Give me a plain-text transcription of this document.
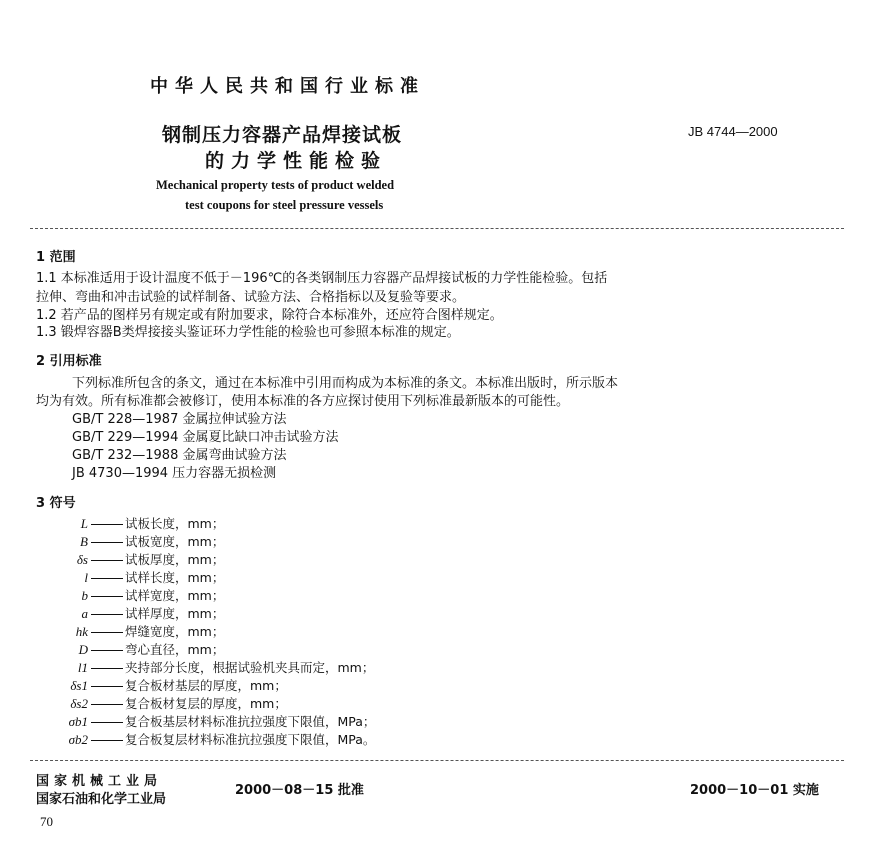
中华人民共和国行业标准
钢制压力容器产品焊接试板
的力学性能检验
JB 4744—2000
Mechanical property tests of product welded
test coupons for steel pressure vessels
1 范围
1.1 本标准适用于设计温度不低于－196℃的各类钢制压力容器产品焊接试板的力学性能检验。包括
拉伸、弯曲和冲击试验的试样制备、试验方法、合格指标以及复验等要求。
1.2 若产品的图样另有规定或有附加要求，除符合本标准外，还应符合图样规定。
1.3 锻焊容器B类焊接接头鉴证环力学性能的检验也可参照本标准的规定。
2 引用标准
下列标准所包含的条文，通过在本标准中引用而构成为本标准的条文。本标准出版时，所示版本
均为有效。所有标准都会被修订，使用本标准的各方应探讨使用下列标准最新版本的可能性。
GB/T 228—1987 金属拉伸试验方法
GB/T 229—1994 金属夏比缺口冲击试验方法
GB/T 232—1988 金属弯曲试验方法
JB 4730—1994 压力容器无损检测
3 符号
L	试板长度，mm；
B	试板宽度，mm；
δs	试板厚度，mm；
l	试样长度，mm；
b	试样宽度，mm；
a	试样厚度，mm；
hk	焊缝宽度，mm；
D	弯心直径，mm；
l1	夹持部分长度，根据试验机夹具而定，mm；
δs1	复合板材基层的厚度，mm；
δs2	复合板材复层的厚度，mm；
σb1	复合板基层材料标准抗拉强度下限值，MPa；
σb2	复合板复层材料标准抗拉强度下限值，MPa。
国家机械工业局
国家石油和化学工业局
2000－08－15 批准	2000－10－01 实施
70
